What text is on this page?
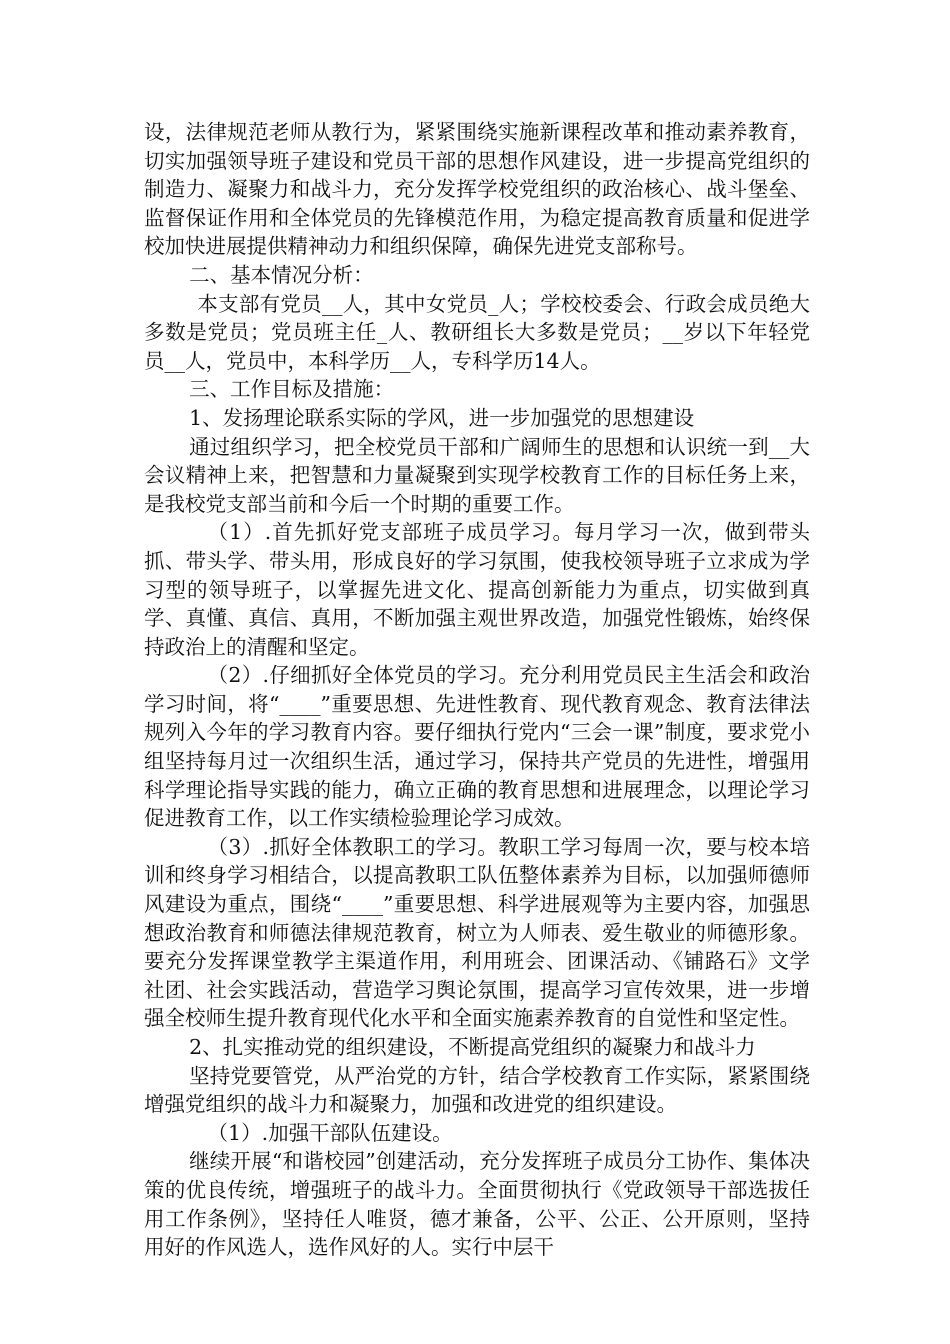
设，法律规范老师从教行为，紧紧围绕实施新课程改革和推动素养教育，切实加强领导班子建设和党员干部的思想作风建设，进一步提高党组织的制造力、凝聚力和战斗力，充分发挥学校党组织的政治核心、战斗堡垒、监督保证作用和全体党员的先锋模范作用，为稳定提高教育质量和促进学校加快进展提供精神动力和组织保障，确保先进党支部称号。

二、基本情况分析：

本支部有党员__人，其中女党员_人；学校校委会、行政会成员绝大多数是党员；党员班主任_人、教研组长大多数是党员；__岁以下年轻党员__人，党员中，本科学历__人，专科学历14人。

三、工作目标及措施：

1、发扬理论联系实际的学风，进一步加强党的思想建设

通过组织学习，把全校党员干部和广阔师生的思想和认识统一到__大会议精神上来，把智慧和力量凝聚到实现学校教育工作的目标任务上来，是我校党支部当前和今后一个时期的重要工作。

（1）.首先抓好党支部班子成员学习。每月学习一次，做到带头抓、带头学、带头用，形成良好的学习氛围，使我校领导班子立求成为学习型的领导班子，以掌握先进文化、提高创新能力为重点，切实做到真学、真懂、真信、真用，不断加强主观世界改造，加强党性锻炼，始终保持政治上的清醒和坚定。

（2）.仔细抓好全体党员的学习。充分利用党员民主生活会和政治学习时间，将“____”重要思想、先进性教育、现代教育观念、教育法律法规列入今年的学习教育内容。要仔细执行党内“三会一课”制度，要求党小组坚持每月过一次组织生活，通过学习，保持共产党员的先进性，增强用科学理论指导实践的能力，确立正确的教育思想和进展理念，以理论学习促进教育工作，以工作实绩检验理论学习成效。

（3）.抓好全体教职工的学习。教职工学习每周一次，要与校本培训和终身学习相结合，以提高教职工队伍整体素养为目标，以加强师德师风建设为重点，围绕“____”重要思想、科学进展观等为主要内容，加强思想政治教育和师德法律规范教育，树立为人师表、爱生敬业的师德形象。要充分发挥课堂教学主渠道作用，利用班会、团课活动、《铺路石》文学社团、社会实践活动，营造学习舆论氛围，提高学习宣传效果，进一步增强全校师生提升教育现代化水平和全面实施素养教育的自觉性和坚定性。

2、扎实推动党的组织建设，不断提高党组织的凝聚力和战斗力

坚持党要管党，从严治党的方针，结合学校教育工作实际，紧紧围绕增强党组织的战斗力和凝聚力，加强和改进党的组织建设。

（1）.加强干部队伍建设。

继续开展“和谐校园”创建活动，充分发挥班子成员分工协作、集体决策的优良传统，增强班子的战斗力。全面贯彻执行《党政领导干部选拔任用工作条例》，坚持任人唯贤，德才兼备，公平、公正、公开原则，坚持用好的作风选人，选作风好的人。实行中层干
